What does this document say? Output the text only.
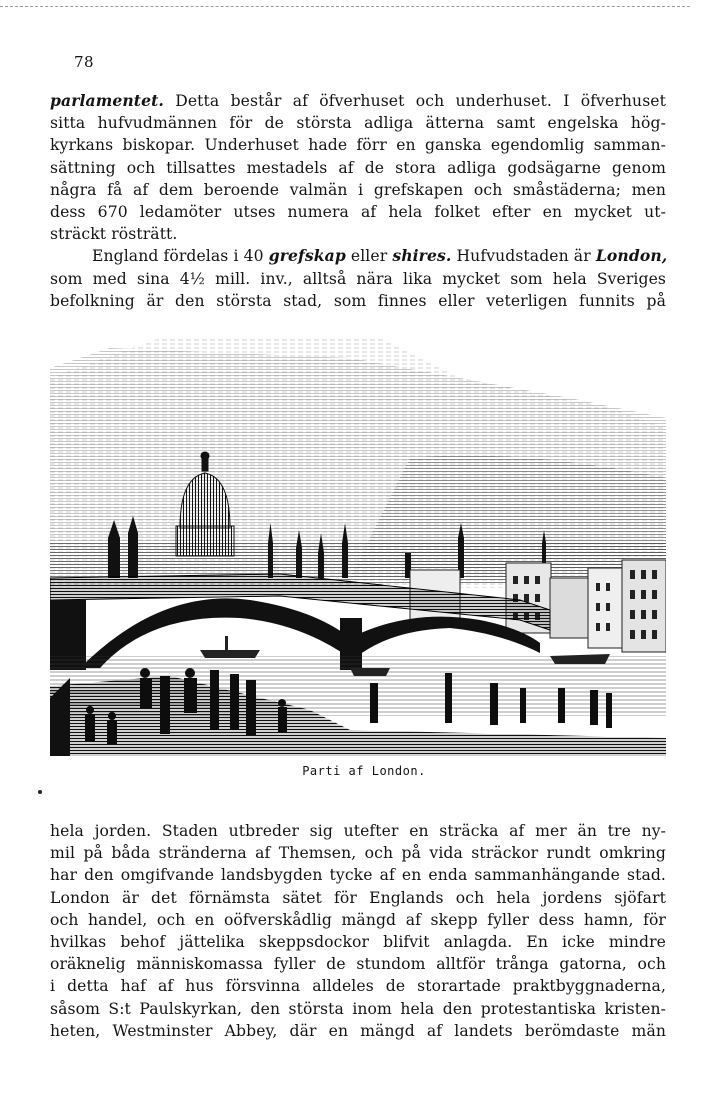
78
parlamentet. Detta består af öfverhuset och underhuset. I öfverhuset
sitta hufvudmännen för de största adliga ätterna samt engelska hög-
kyrkans biskopar. Underhuset hade förr en ganska egendomlig samman-
sättning och tillsattes mestadels af de stora adliga godsägarne genom
några få af dem beroende valmän i grefskapen och småstäderna; men
dess 670 ledamöter utses numera af hela folket efter en mycket ut-
sträckt rösträtt.
England fördelas i 40 grefskap eller shires. Hufvudstaden är London,
som med sina 4½ mill. inv., alltså nära lika mycket som hela Sveriges
befolkning är den största stad, som finnes eller veterligen funnits på
Parti af London.
hela jorden. Staden utbreder sig utefter en sträcka af mer än tre ny-
mil på båda stränderna af Themsen, och på vida sträckor rundt omkring
har den omgifvande landsbygden tycke af en enda sammanhängande stad.
London är det förnämsta sätet för Englands och hela jordens sjöfart
och handel, och en oöfverskådlig mängd af skepp fyller dess hamn, för
hvilkas behof jättelika skeppsdockor blifvit anlagda. En icke mindre
oräknelig människomassa fyller de stundom alltför trånga gatorna, och
i detta haf af hus försvinna alldeles de storartade praktbyggnaderna,
såsom S:t Paulskyrkan, den största inom hela den protestantiska kristen-
heten, Westminster Abbey, där en mängd af landets berömdaste män
